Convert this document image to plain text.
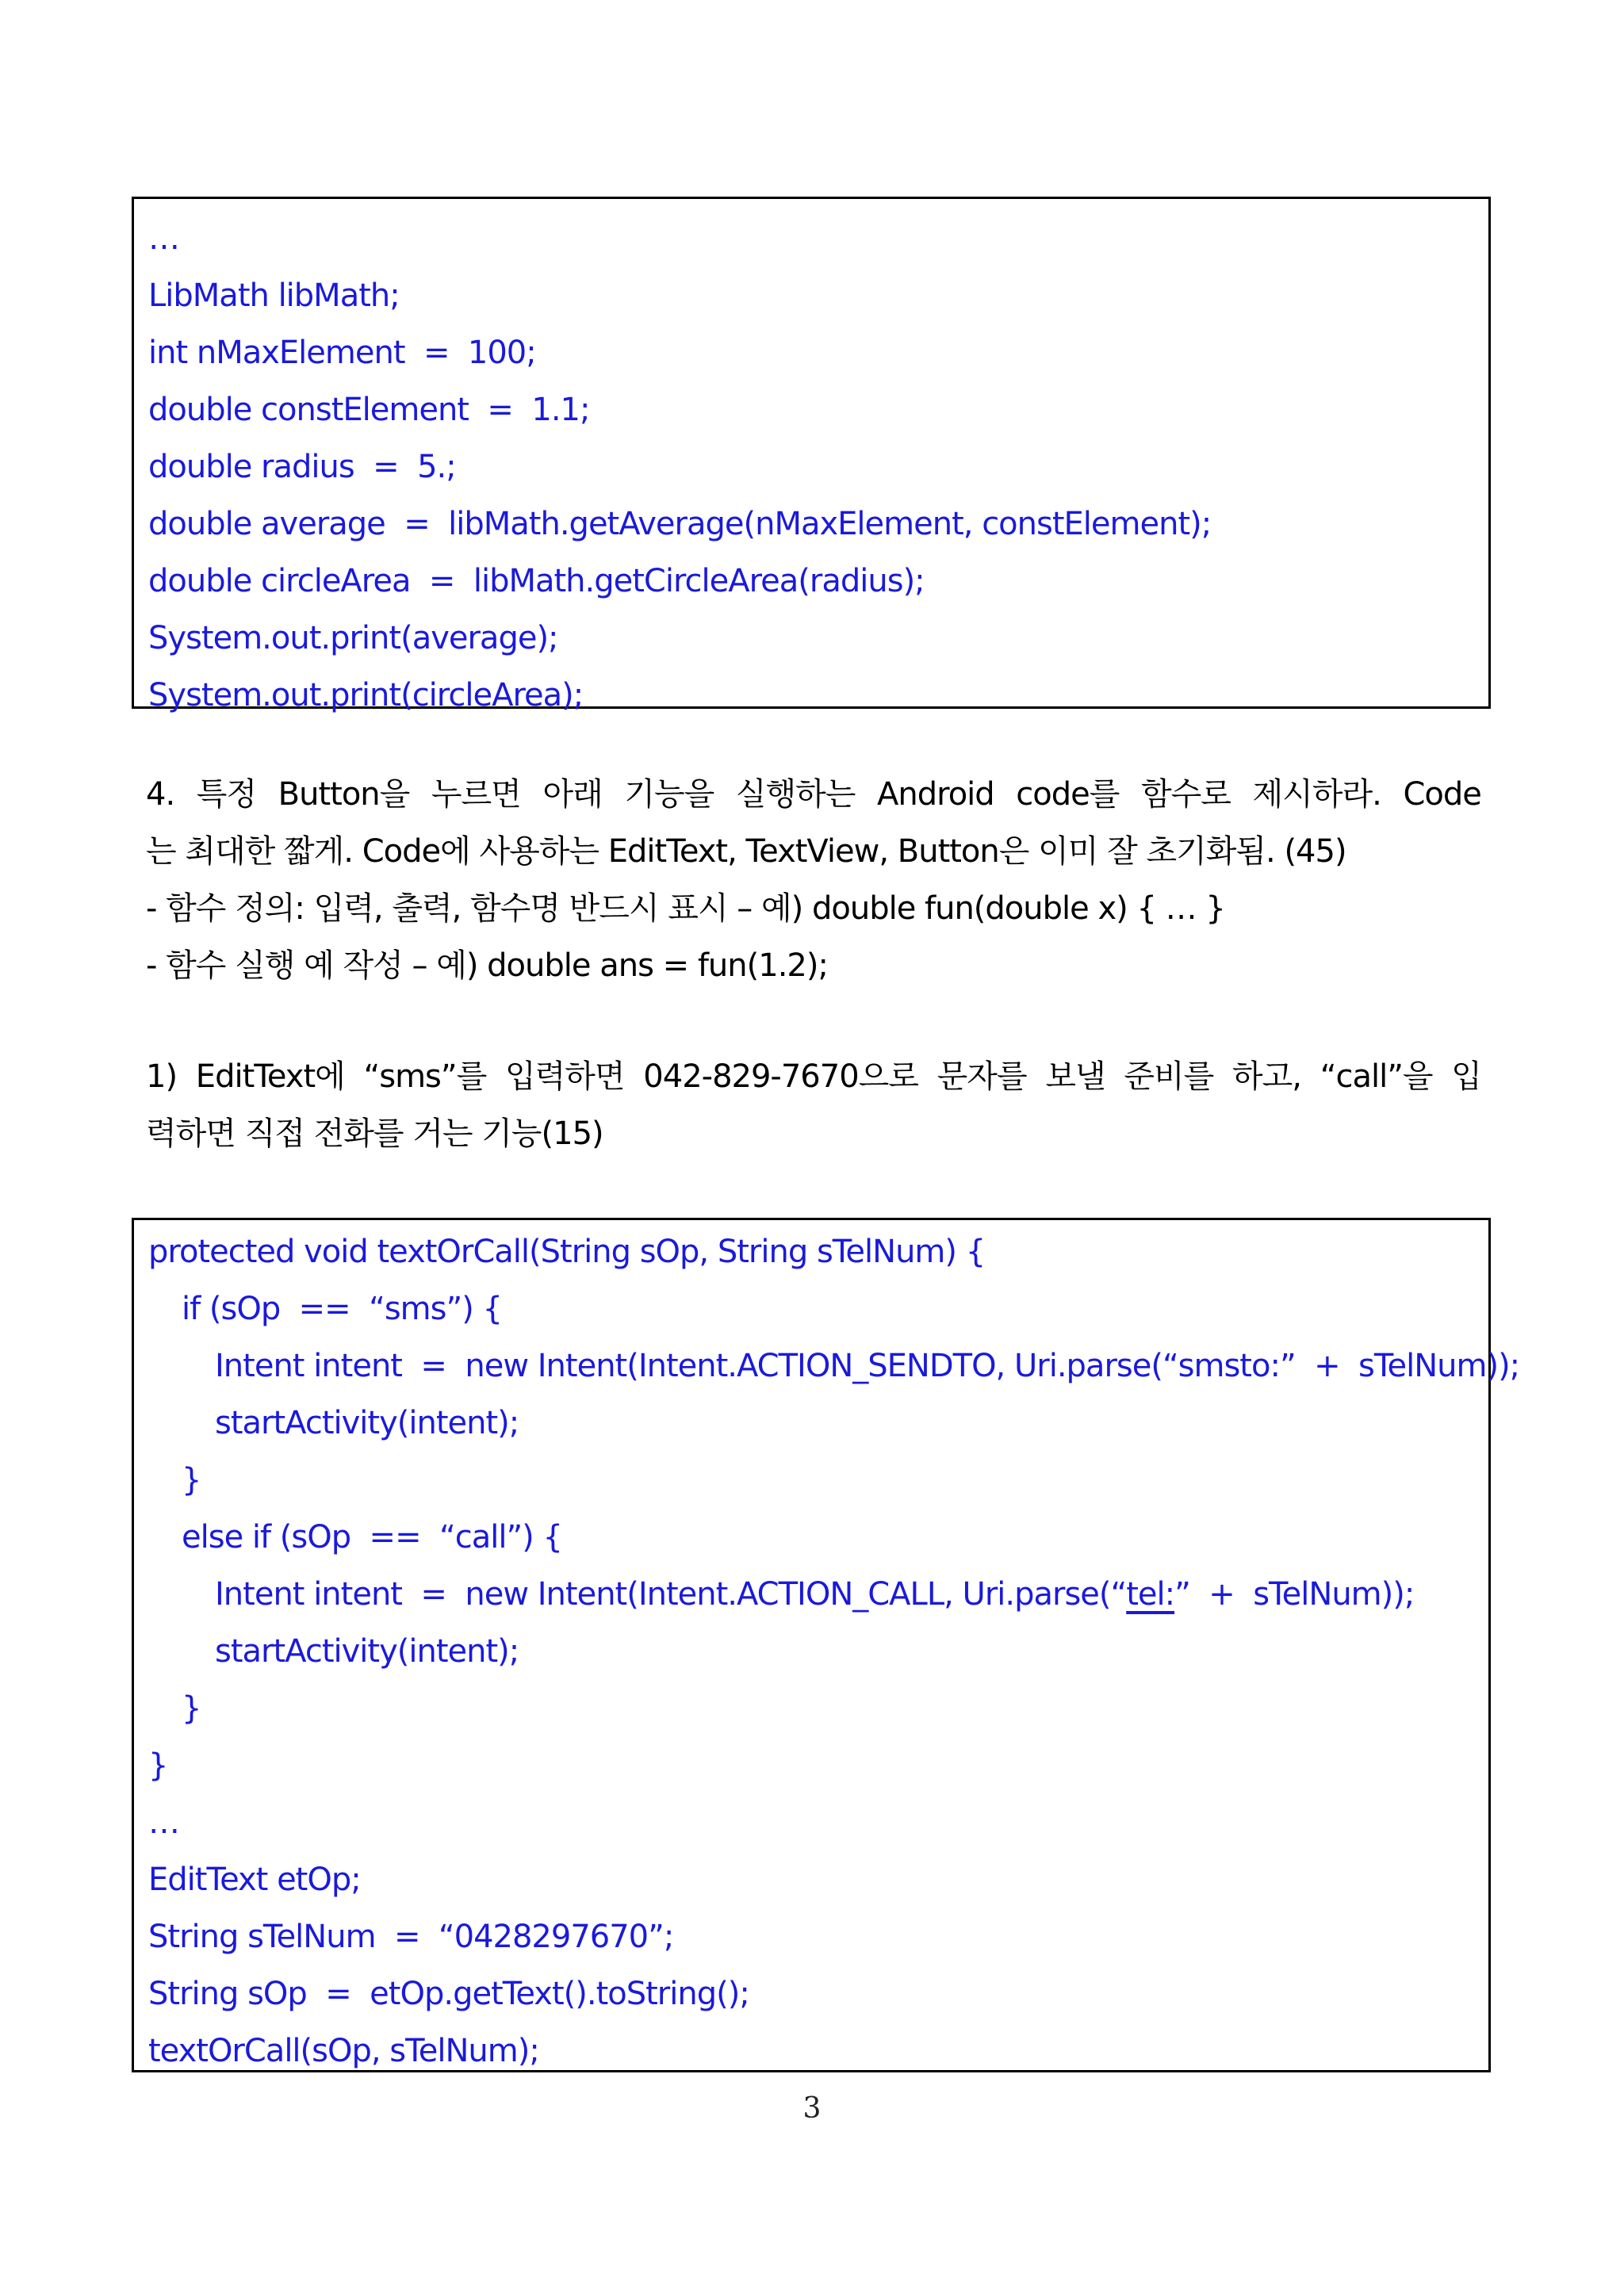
…
LibMath libMath;
int nMaxElement  =  100;
double constElement  =  1.1;
double radius  =  5.;
double average  =  libMath.getAverage(nMaxElement, constElement);
double circleArea  =  libMath.getCircleArea(radius);
System.out.print(average);
System.out.print(circleArea);
4. 특정 Button을 누르면 아래 기능을 실행하는 Android code를 함수로 제시하라. Code
는 최대한 짧게. Code에 사용하는 EditText, TextView, Button은 이미 잘 초기화됨. (45)
- 함수 정의: 입력, 출력, 함수명 반드시 표시 – 예) double fun(double x) { … }
- 함수 실행 예 작성 – 예) double ans = fun(1.2);
1) EditText에 “sms”를 입력하면 042-829-7670으로 문자를 보낼 준비를 하고, “call”을 입
력하면 직접 전화를 거는 기능(15)
protected void textOrCall(String sOp, String sTelNum) {
if (sOp  ==  “sms”) {
Intent intent  =  new Intent(Intent.ACTION_SENDTO, Uri.parse(“smsto:”  +  sTelNum));
startActivity(intent);
}
else if (sOp  ==  “call”) {
Intent intent  =  new Intent(Intent.ACTION_CALL, Uri.parse(“tel:”  +  sTelNum));
startActivity(intent);
}
}
…
EditText etOp;
String sTelNum  =  “0428297670”;
String sOp  =  etOp.getText().toString();
textOrCall(sOp, sTelNum);
3
